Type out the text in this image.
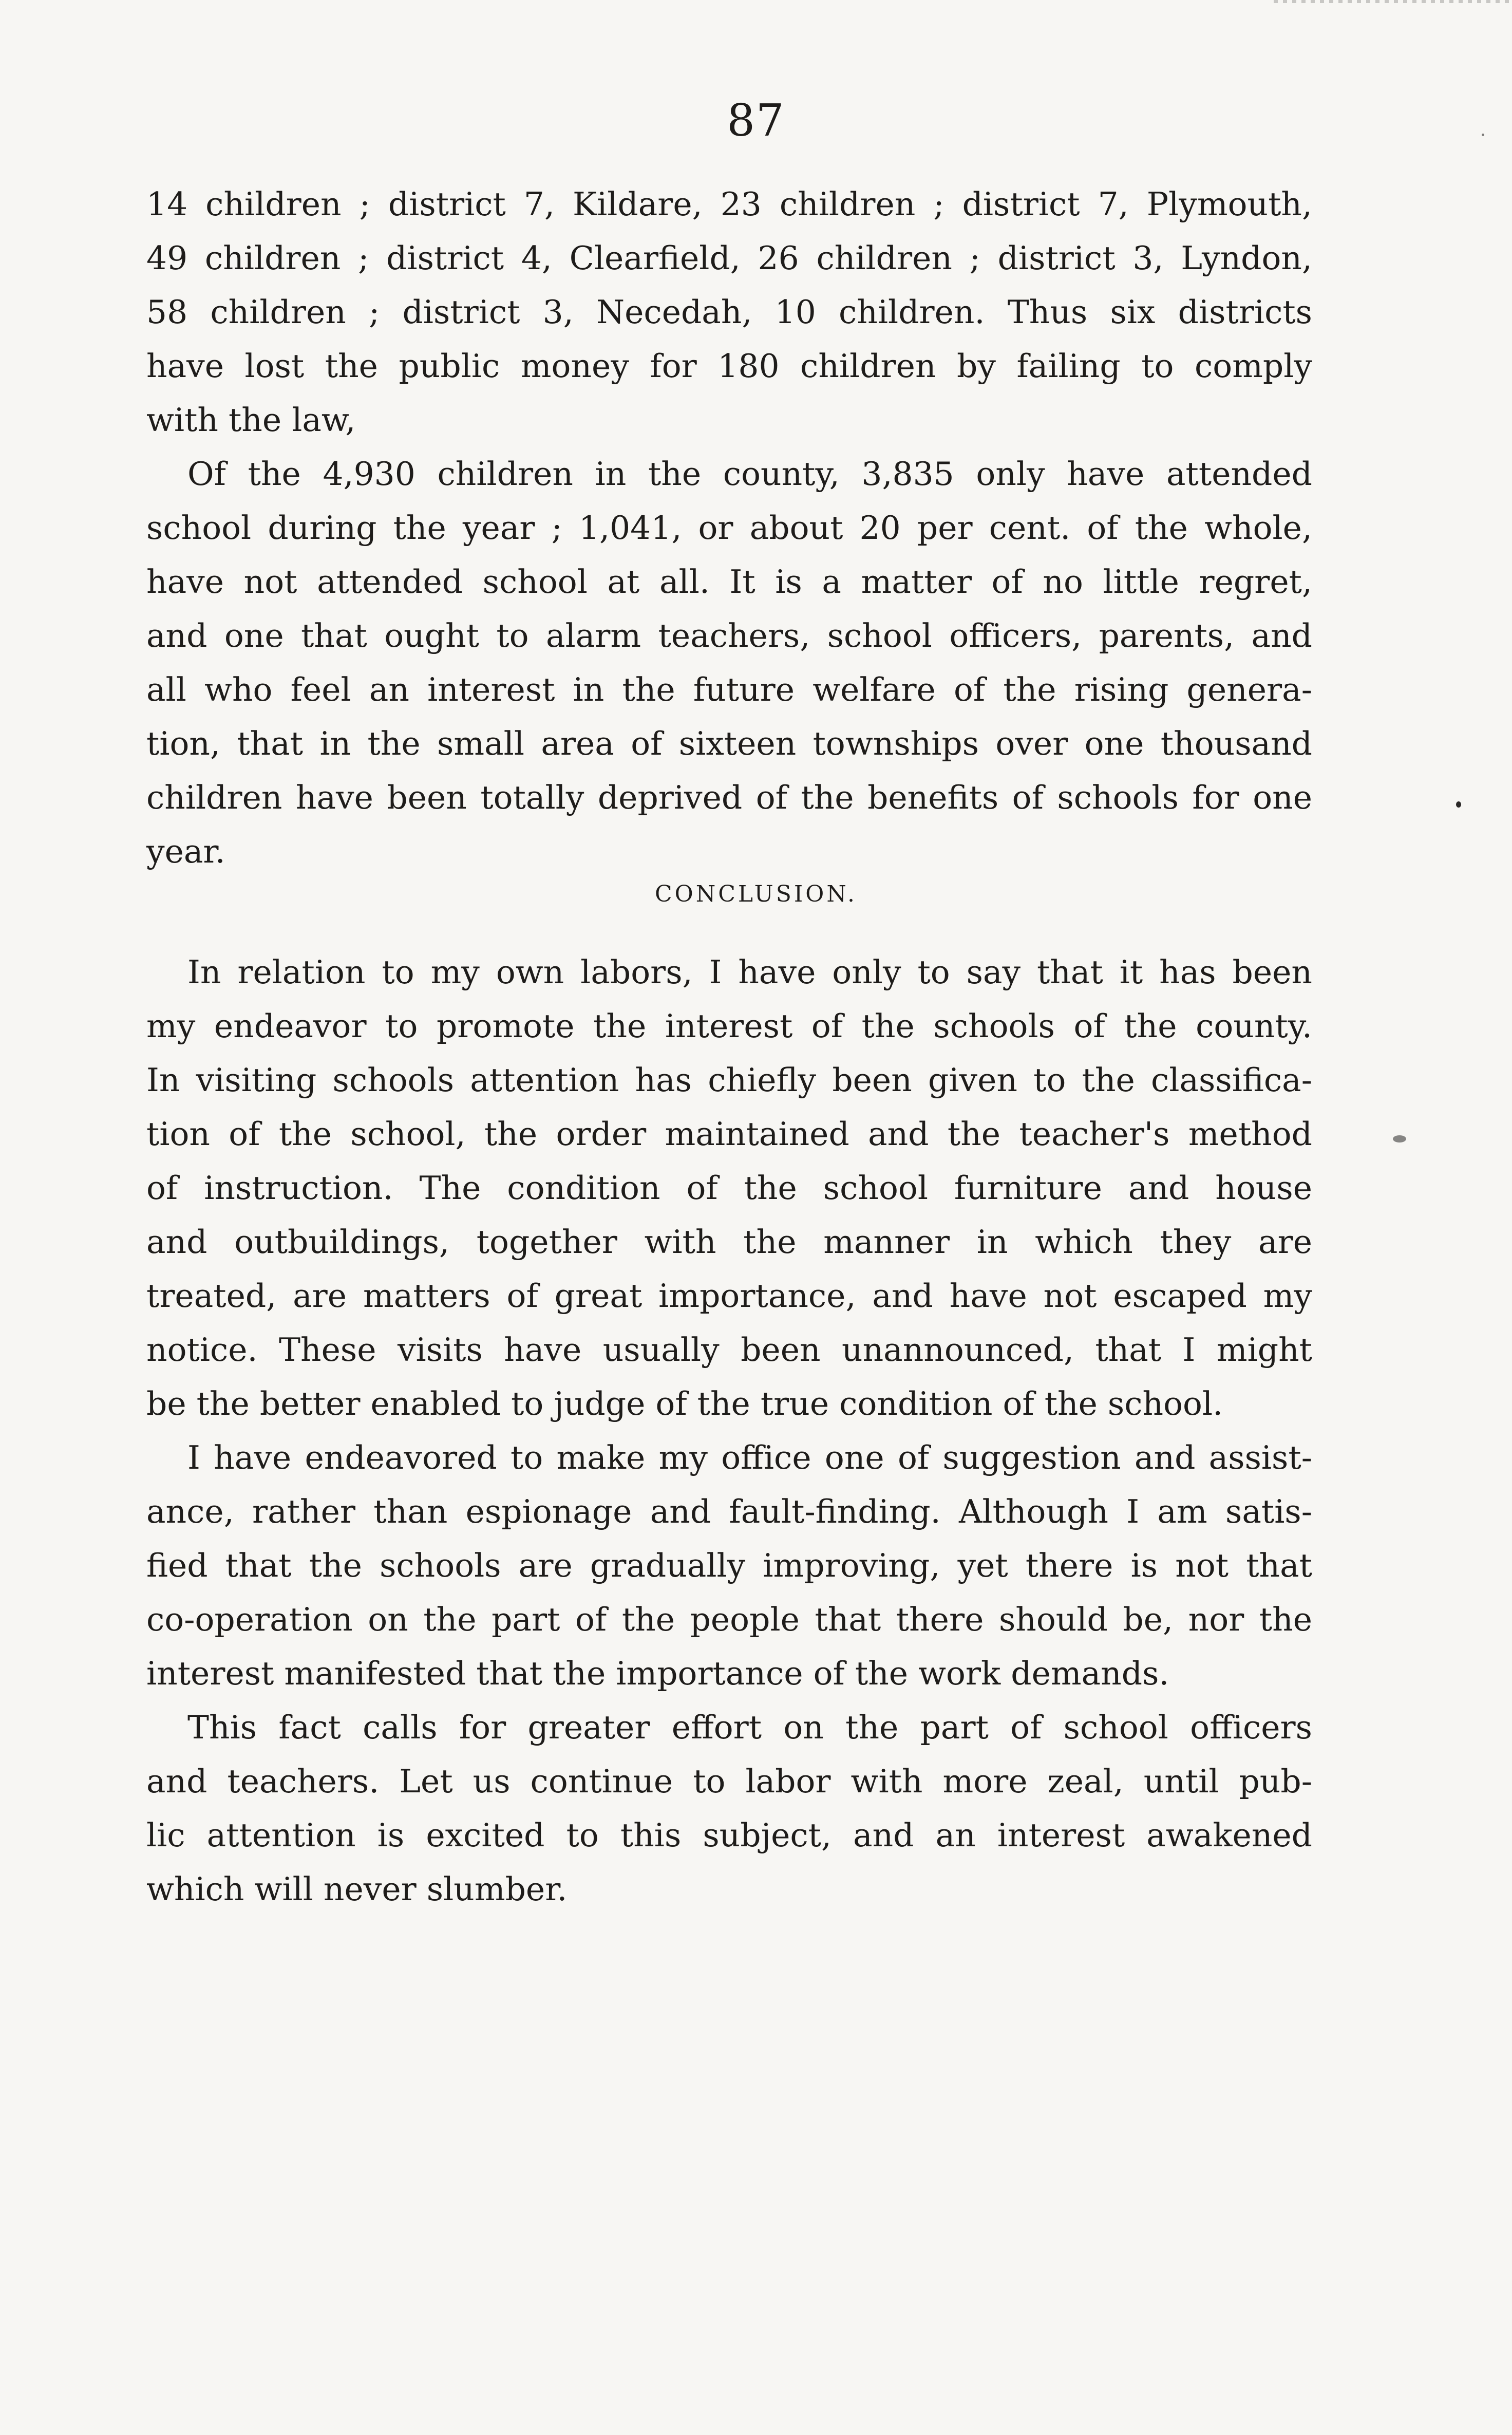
87
14 children ; district 7, Kildare, 23 children ; district 7, Plymouth,
49 children ; district 4, Clearfield, 26 children ; district 3, Lyndon,
58 children ; district 3, Necedah, 10 children. Thus six districts
have lost the public money for 180 children by failing to comply
with the law,
Of the 4,930 children in the county, 3,835 only have attended
school during the year ; 1,041, or about 20 per cent. of the whole,
have not attended school at all. It is a matter of no little regret,
and one that ought to alarm teachers, school officers, parents, and
all who feel an interest in the future welfare of the rising genera-
tion, that in the small area of sixteen townships over one thousand
children have been totally deprived of the benefits of schools for one
year.
CONCLUSION.
In relation to my own labors, I have only to say that it has been
my endeavor to promote the interest of the schools of the county.
In visiting schools attention has chiefly been given to the classifica-
tion of the school, the order maintained and the teacher's method
of instruction. The condition of the school furniture and house
and outbuildings, together with the manner in which they are
treated, are matters of great importance, and have not escaped my
notice. These visits have usually been unannounced, that I might
be the better enabled to judge of the true condition of the school.
I have endeavored to make my office one of suggestion and assist-
ance, rather than espionage and fault-finding. Although I am satis-
fied that the schools are gradually improving, yet there is not that
co-operation on the part of the people that there should be, nor the
interest manifested that the importance of the work demands.
This fact calls for greater effort on the part of school officers
and teachers. Let us continue to labor with more zeal, until pub-
lic attention is excited to this subject, and an interest awakened
which will never slumber.
